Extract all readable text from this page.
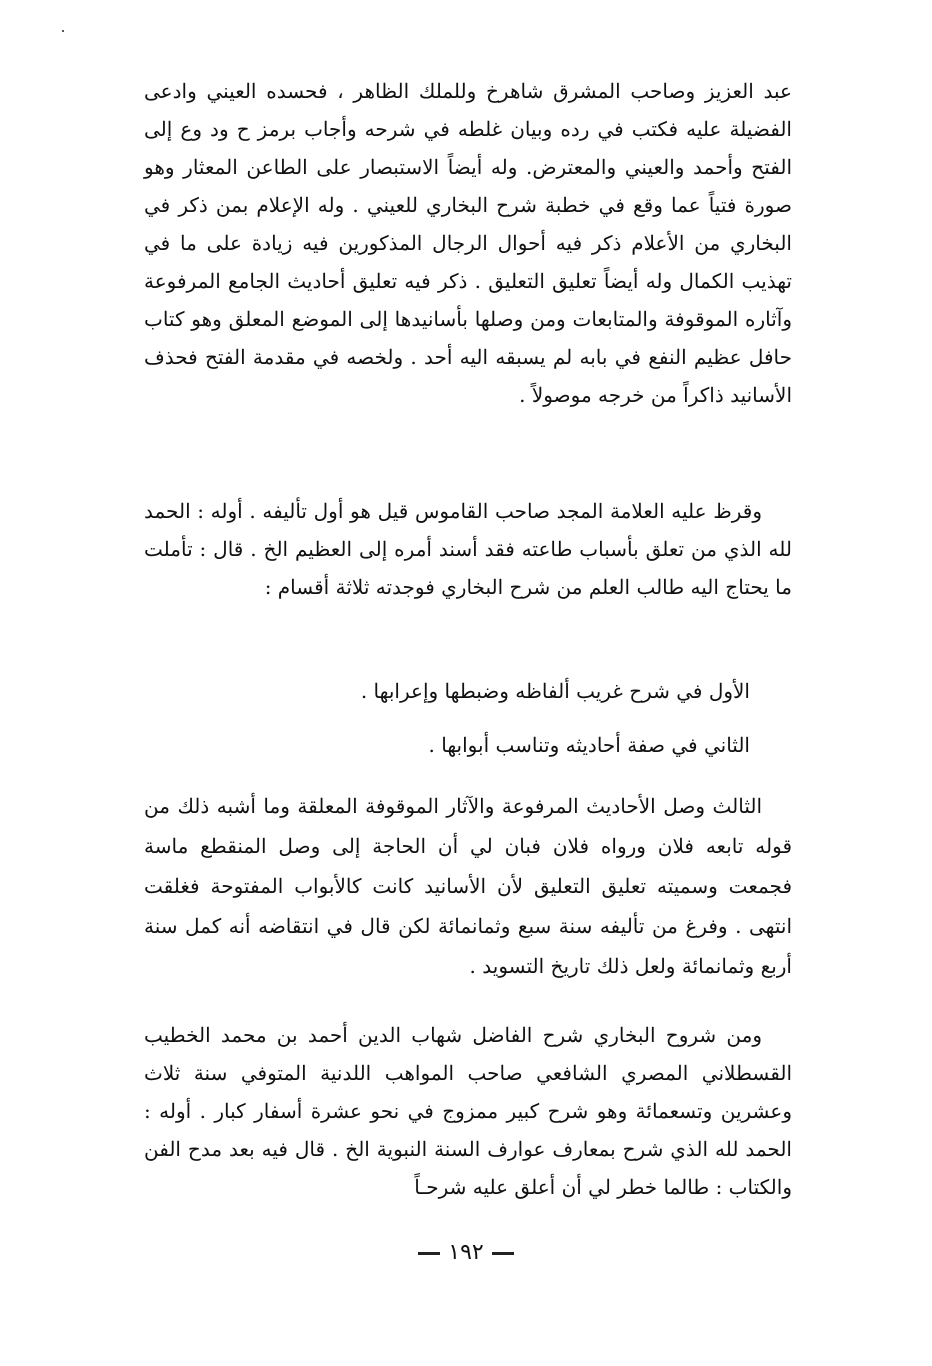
عبد العزيز وصاحب المشرق شاهرخ وللملك الظاهر ، فحسده العيني وادعى الفضيلة عليه فكتب في رده وبيان غلطه في شرحه وأجاب برمز ح ود وع إلى الفتح وأحمد والعيني والمعترض. وله أيضاً الاستبصار على الطاعن المعثار وهو صورة فتياً عما وقع في خطبة شرح البخاري للعيني . وله الإعلام بمن ذكر في البخاري من الأعلام ذكر فيه أحوال الرجال المذكورين فيه زيادة على ما في تهذيب الكمال وله أيضاً تعليق التعليق . ذكر فيه تعليق أحاديث الجامع المرفوعة وآثاره الموقوفة والمتابعات ومن وصلها بأسانيدها إلى الموضع المعلق وهو كتاب حافل عظيم النفع في بابه لم يسبقه اليه أحد . ولخصه في مقدمة الفتح فحذف الأسانيد ذاكراً من خرجه موصولاً .

وقرظ عليه العلامة المجد صاحب القاموس قيل هو أول تأليفه . أوله : الحمد لله الذي من تعلق بأسباب طاعته فقد أسند أمره إلى العظيم الخ . قال : تأملت ما يحتاج اليه طالب العلم من شرح البخاري فوجدته ثلاثة أقسام :

الأول في شرح غريب ألفاظه وضبطها وإعرابها .

الثاني في صفة أحاديثه وتناسب أبوابها .

الثالث وصل الأحاديث المرفوعة والآثار الموقوفة المعلقة وما أشبه ذلك من قوله تابعه فلان ورواه فلان فبان لي أن الحاجة إلى وصل المنقطع ماسة فجمعت وسميته تعليق التعليق لأن الأسانيد كانت كالأبواب المفتوحة فغلقت انتهى . وفرغ من تأليفه سنة سبع وثمانمائة لكن قال في انتقاضه أنه كمل سنة أربع وثمانمائة ولعل ذلك تاريخ التسويد .

ومن شروح البخاري شرح الفاضل شهاب الدين أحمد بن محمد الخطيب القسطلاني المصري الشافعي صاحب المواهب اللدنية المتوفي سنة ثلاث وعشرين وتسعمائة وهو شرح كبير ممزوج في نحو عشرة أسفار كبار . أوله : الحمد لله الذي شرح بمعارف عوارف السنة النبوية الخ . قال فيه بعد مدح الفن والكتاب : طالما خطر لي أن أعلق عليه شرحـاً

١٩٢
